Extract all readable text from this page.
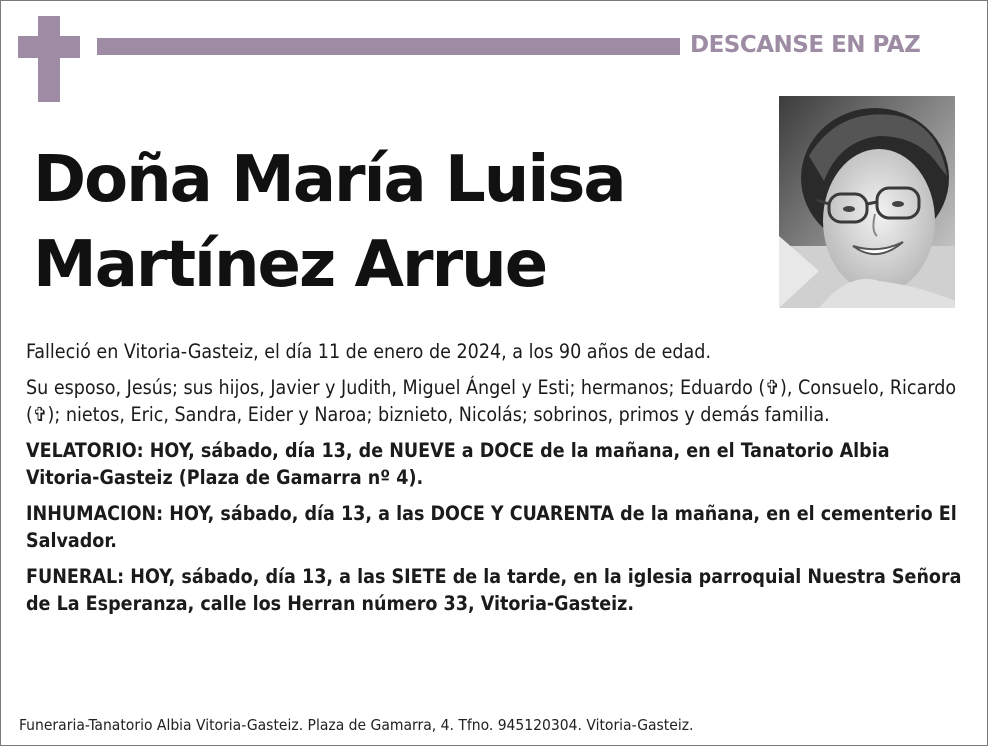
DESCANSE EN PAZ
Doña María Luisa
Martínez Arrue

Falleció en Vitoria-Gasteiz, el día 11 de enero de 2024, a los 90 años de edad.

Su esposo, Jesús; sus hijos, Javier y Judith, Miguel Ángel y Esti; hermanos; Eduardo (✞), Consuelo, Ricardo (✞); nietos, Eric, Sandra, Eider y Naroa; biznieto, Nicolás; sobrinos, primos y demás familia.

VELATORIO: HOY, sábado, día 13, de NUEVE a DOCE de la mañana, en el Tanatorio Albia Vitoria-Gasteiz (Plaza de Gamarra nº 4).

INHUMACION: HOY, sábado, día 13, a las DOCE Y CUARENTA de la mañana, en el cementerio El Salvador.

FUNERAL: HOY, sábado, día 13, a las SIETE de la tarde, en la iglesia parroquial Nuestra Señora de La Esperanza, calle los Herran número 33, Vitoria-Gasteiz.

Funeraria-Tanatorio Albia Vitoria-Gasteiz. Plaza de Gamarra, 4. Tfno. 945120304. Vitoria-Gasteiz.
